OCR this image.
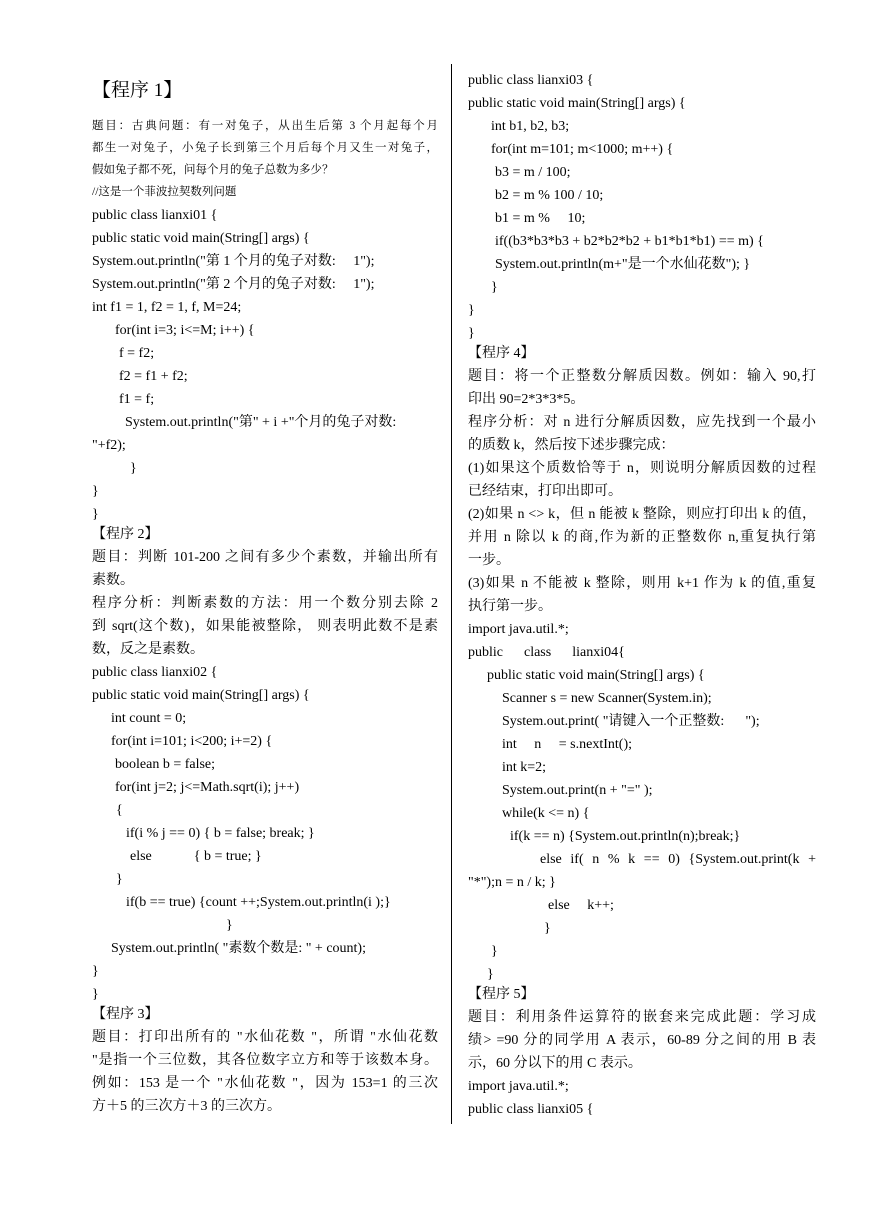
【程序 1】
题目：古典问题：有一对兔子，从出生后第 3 个月起每个月
都生一对兔子，小兔子长到第三个月后每个月又生一对兔子，
假如兔子都不死，问每个月的兔子总数为多少？
//这是一个菲波拉契数列问题
public class lianxi01 {
public static void main(String[] args) {
System.out.println("第 1 个月的兔子对数:     1");
System.out.println("第 2 个月的兔子对数:     1");
int f1 = 1, f2 = 1, f, M=24;
for(int i=3; i<=M; i++) {
f = f2;
f2 = f1 + f2;
f1 = f;
System.out.println("第" + i +"个月的兔子对数:
"+f2);
}
}
}
【程序 2】
题目：判断 101-200 之间有多少个素数，并输出所有
素数。
程序分析：判断素数的方法：用一个数分别去除 2
到 sqrt(这个数)，如果能被整除， 则表明此数不是素
数，反之是素数。
public class lianxi02 {
public static void main(String[] args) {
int count = 0;
for(int i=101; i<200; i+=2) {
boolean b = false;
for(int j=2; j<=Math.sqrt(i); j++)
{
if(i % j == 0) { b = false; break; }
else            { b = true; }
}
if(b == true) {count ++;System.out.println(i );}
}
System.out.println( "素数个数是: " + count);
}
}
【程序 3】
题目：打印出所有的 "水仙花数 "，所谓 "水仙花数
"是指一个三位数，其各位数字立方和等于该数本身。
例如：153 是一个 "水仙花数 "，因为 153=1 的三次
方＋5 的三次方＋3 的三次方。
public class lianxi03 {
public static void main(String[] args) {
int b1, b2, b3;
for(int m=101; m<1000; m++) {
b3 = m / 100;
b2 = m % 100 / 10;
b1 = m %     10;
if((b3*b3*b3 + b2*b2*b2 + b1*b1*b1) == m) {
System.out.println(m+"是一个水仙花数"); }
}
}
}
【程序 4】
题目：将一个正整数分解质因数。例如：输入 90,打
印出 90=2*3*3*5。
程序分析：对 n 进行分解质因数，应先找到一个最小
的质数 k，然后按下述步骤完成：
(1)如果这个质数恰等于 n，则说明分解质因数的过程
已经结束，打印出即可。
(2)如果 n <> k，但 n 能被 k 整除，则应打印出 k 的值，
并用 n 除以 k 的商,作为新的正整数你 n,重复执行第
一步。
(3)如果 n 不能被 k 整除，则用 k+1 作为 k 的值,重复
执行第一步。
import java.util.*;
public      class      lianxi04{
public static void main(String[] args) {
Scanner s = new Scanner(System.in);
System.out.print( "请键入一个正整数:      ");
int     n     = s.nextInt();
int k=2;
System.out.print(n + "=" );
while(k <= n) {
if(k == n) {System.out.println(n);break;}
else if( n % k == 0) {System.out.print(k +
"*");n = n / k; }
else     k++;
}
}
}
【程序 5】
题目：利用条件运算符的嵌套来完成此题：学习成
绩> =90 分的同学用 A 表示，60-89 分之间的用 B 表
示，60 分以下的用 C 表示。
import java.util.*;
public class lianxi05 {
